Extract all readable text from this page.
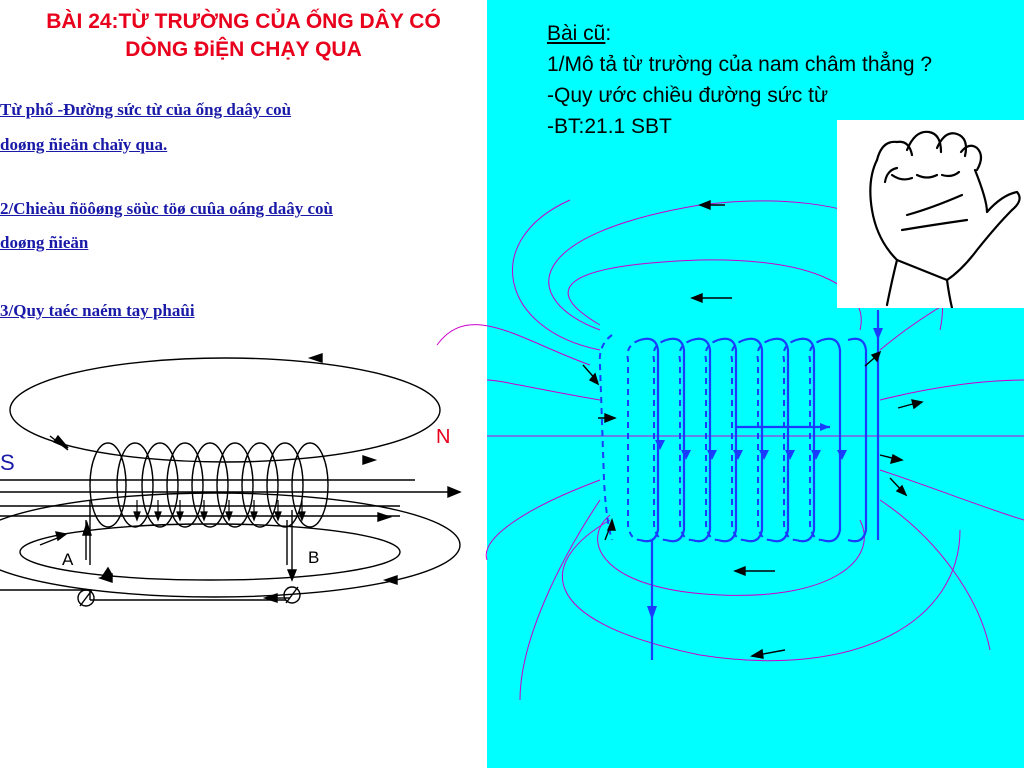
BÀI 24:TỪ TRƯỜNG CỦA ỐNG DÂY CÓ
DÒNG ĐiỆN CHẠY QUA
Từ phổ -Đường sức từ của ống daây coù
doøng ñieän chaïy qua.
2/Chieàu ñöôøng söùc töø cuûa oáng daây coù
doøng ñieän
3/Quy taéc naém tay phaûi
S
N
A	B
Bài cũ:
1/Mô tả từ trường của nam châm thẳng ?
-Quy ước chiều đường sức từ
-BT:21.1 SBT
